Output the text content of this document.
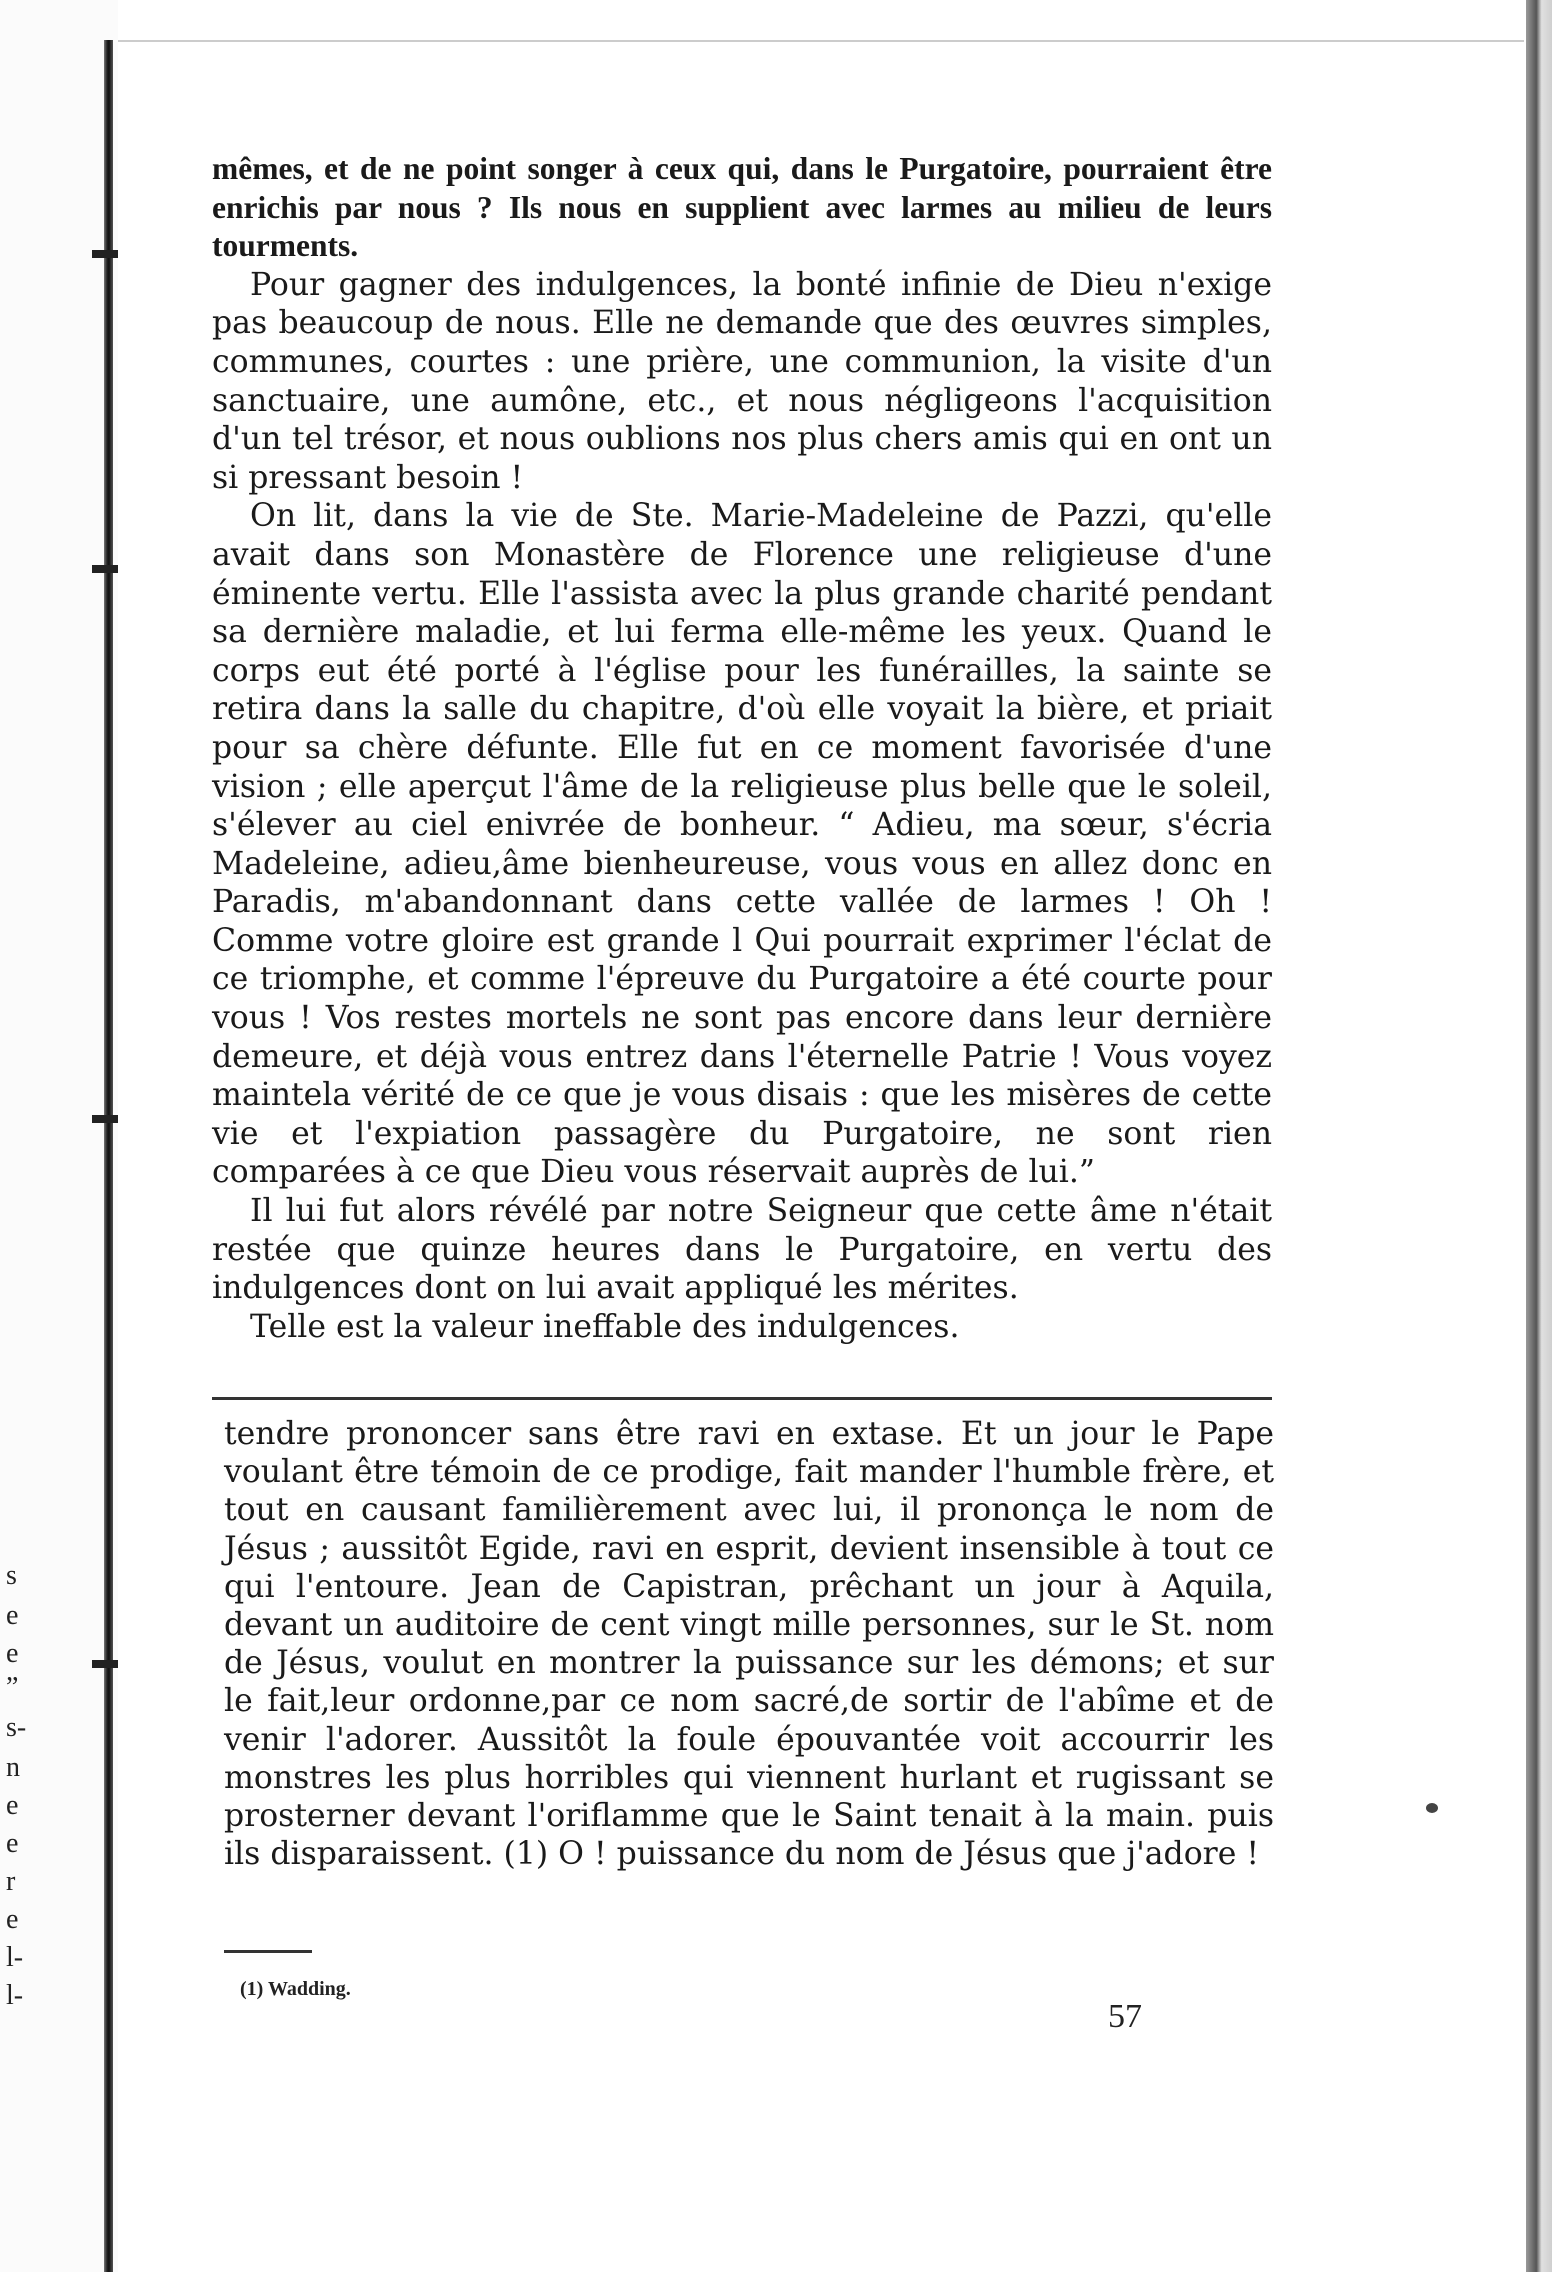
s
e
e
”
s-
n
e
e
r
e
l-
l-

mêmes, et de ne point songer à ceux qui, dans le Purgatoire, pourraient être enrichis par nous ? Ils nous en supplient avec larmes au milieu de leurs tourments.

Pour gagner des indulgences, la bonté infinie de Dieu n'exige pas beaucoup de nous. Elle ne demande que des œuvres simples, communes, courtes : une prière, une communion, la visite d'un sanctuaire, une aumône, etc., et nous négligeons l'acquisition d'un tel trésor, et nous oublions nos plus chers amis qui en ont un si pressant besoin !

On lit, dans la vie de Ste. Marie-Madeleine de Pazzi, qu'elle avait dans son Monastère de Florence une religieuse d'une éminente vertu. Elle l'assista avec la plus grande charité pendant sa dernière maladie, et lui ferma elle-même les yeux. Quand le corps eut été porté à l'église pour les funérailles, la sainte se retira dans la salle du chapitre, d'où elle voyait la bière, et priait pour sa chère défunte. Elle fut en ce moment favorisée d'une vision ; elle aperçut l'âme de la religieuse plus belle que le soleil, s'élever au ciel enivrée de bonheur. “ Adieu, ma sœur, s'écria Madeleine, adieu,âme bienheureuse, vous vous en allez donc en Paradis, m'abandonnant dans cette vallée de larmes ! Oh ! Comme votre gloire est grande l Qui pourrait exprimer l'éclat de ce triomphe, et comme l'épreuve du Purgatoire a été courte pour vous ! Vos restes mortels ne sont pas encore dans leur dernière demeure, et déjà vous entrez dans l'éternelle Patrie ! Vous voyez maintela vérité de ce que je vous disais : que les misères de cette vie et l'expiation passagère du Purgatoire, ne sont rien comparées à ce que Dieu vous réservait auprès de lui.”

Il lui fut alors révélé par notre Seigneur que cette âme n'était restée que quinze heures dans le Purgatoire, en vertu des indulgences dont on lui avait appliqué les mérites.

Telle est la valeur ineffable des indulgences.

tendre prononcer sans être ravi en extase. Et un jour le Pape voulant être témoin de ce prodige, fait mander l'humble frère, et tout en causant familièrement avec lui, il prononça le nom de Jésus ; aussitôt Egide, ravi en esprit, devient insensible à tout ce qui l'entoure. Jean de Capistran, prêchant un jour à Aquila, devant un auditoire de cent vingt mille personnes, sur le St. nom de Jésus, voulut en montrer la puissance sur les démons; et sur le fait,leur ordonne,par ce nom sacré,de sortir de l'abîme et de venir l'adorer. Aussitôt la foule épouvantée voit accourrir les monstres les plus horribles qui viennent hurlant et rugissant se prosterner devant l'oriflamme que le Saint tenait à la main. puis ils disparaissent. (1) O ! puissance du nom de Jésus que j'adore !

(1) Wadding.
57
